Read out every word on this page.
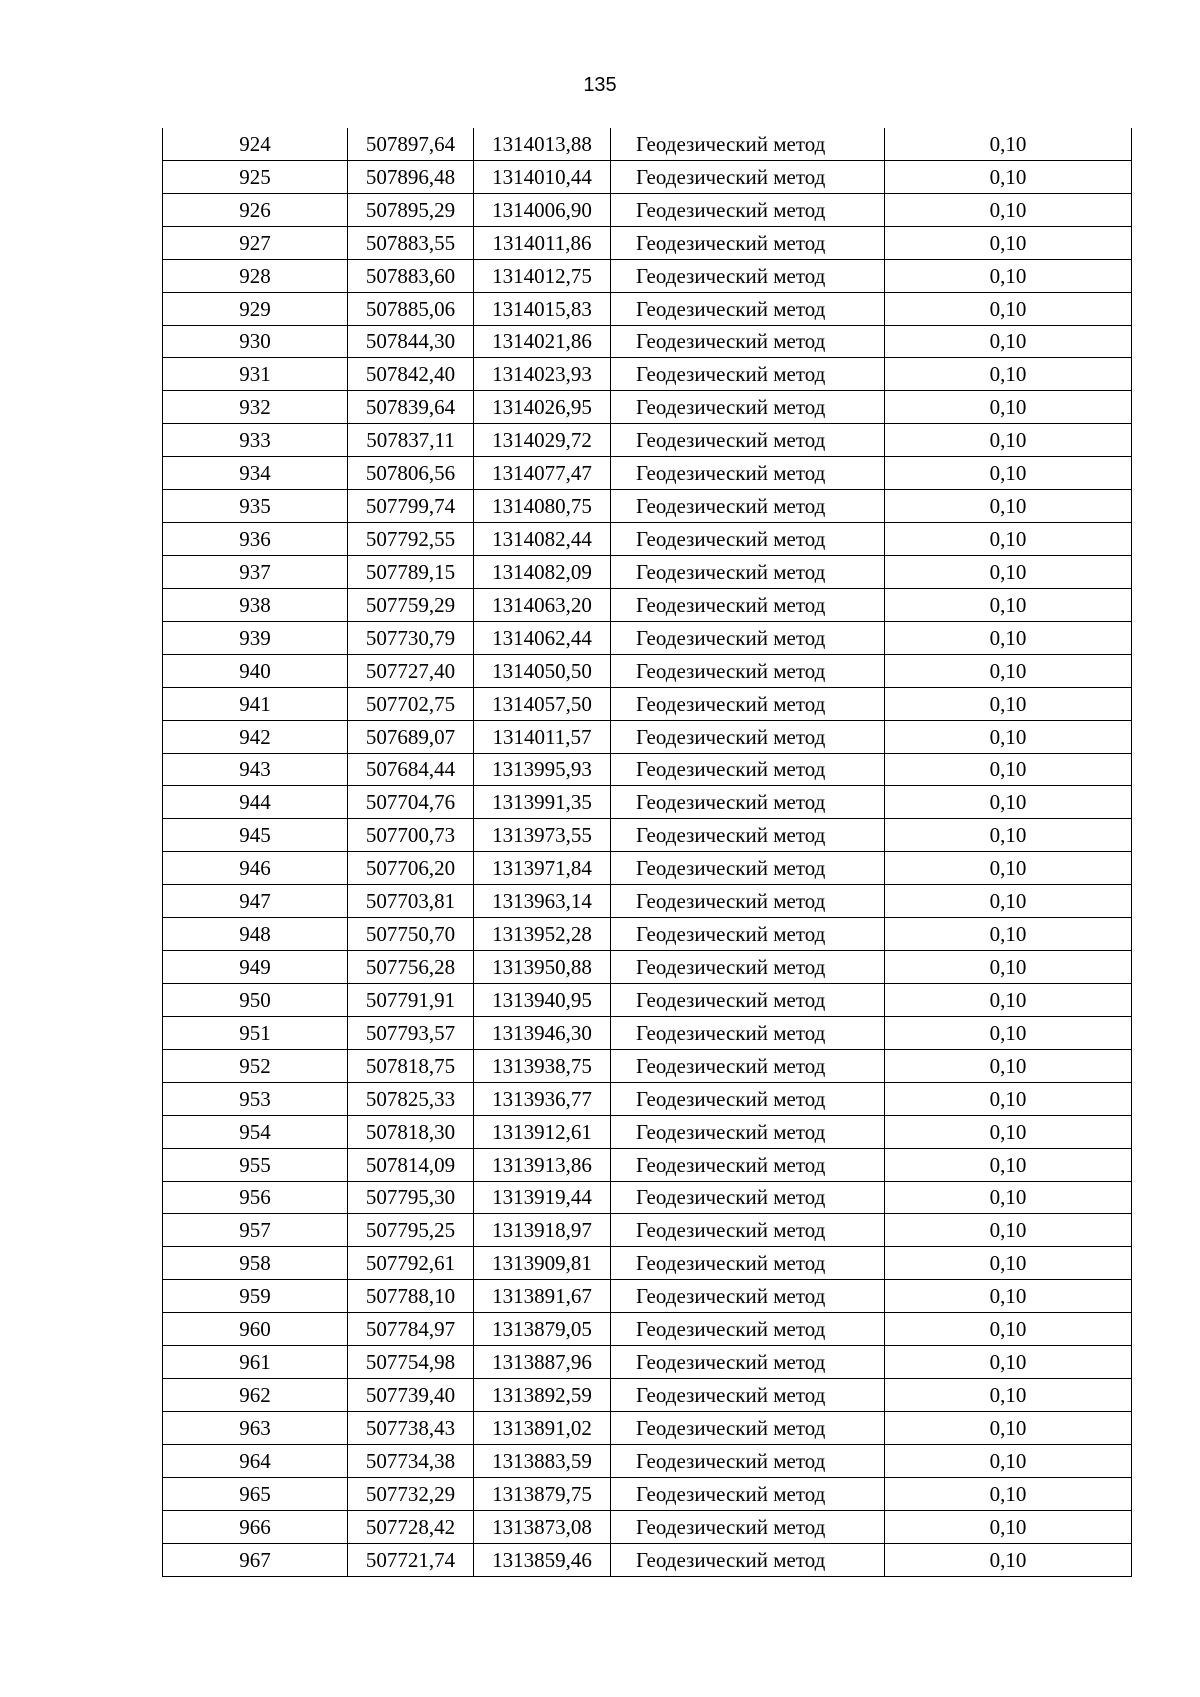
135
924	507897,64	1314013,88	Геодезический метод	0,10
925	507896,48	1314010,44	Геодезический метод	0,10
926	507895,29	1314006,90	Геодезический метод	0,10
927	507883,55	1314011,86	Геодезический метод	0,10
928	507883,60	1314012,75	Геодезический метод	0,10
929	507885,06	1314015,83	Геодезический метод	0,10
930	507844,30	1314021,86	Геодезический метод	0,10
931	507842,40	1314023,93	Геодезический метод	0,10
932	507839,64	1314026,95	Геодезический метод	0,10
933	507837,11	1314029,72	Геодезический метод	0,10
934	507806,56	1314077,47	Геодезический метод	0,10
935	507799,74	1314080,75	Геодезический метод	0,10
936	507792,55	1314082,44	Геодезический метод	0,10
937	507789,15	1314082,09	Геодезический метод	0,10
938	507759,29	1314063,20	Геодезический метод	0,10
939	507730,79	1314062,44	Геодезический метод	0,10
940	507727,40	1314050,50	Геодезический метод	0,10
941	507702,75	1314057,50	Геодезический метод	0,10
942	507689,07	1314011,57	Геодезический метод	0,10
943	507684,44	1313995,93	Геодезический метод	0,10
944	507704,76	1313991,35	Геодезический метод	0,10
945	507700,73	1313973,55	Геодезический метод	0,10
946	507706,20	1313971,84	Геодезический метод	0,10
947	507703,81	1313963,14	Геодезический метод	0,10
948	507750,70	1313952,28	Геодезический метод	0,10
949	507756,28	1313950,88	Геодезический метод	0,10
950	507791,91	1313940,95	Геодезический метод	0,10
951	507793,57	1313946,30	Геодезический метод	0,10
952	507818,75	1313938,75	Геодезический метод	0,10
953	507825,33	1313936,77	Геодезический метод	0,10
954	507818,30	1313912,61	Геодезический метод	0,10
955	507814,09	1313913,86	Геодезический метод	0,10
956	507795,30	1313919,44	Геодезический метод	0,10
957	507795,25	1313918,97	Геодезический метод	0,10
958	507792,61	1313909,81	Геодезический метод	0,10
959	507788,10	1313891,67	Геодезический метод	0,10
960	507784,97	1313879,05	Геодезический метод	0,10
961	507754,98	1313887,96	Геодезический метод	0,10
962	507739,40	1313892,59	Геодезический метод	0,10
963	507738,43	1313891,02	Геодезический метод	0,10
964	507734,38	1313883,59	Геодезический метод	0,10
965	507732,29	1313879,75	Геодезический метод	0,10
966	507728,42	1313873,08	Геодезический метод	0,10
967	507721,74	1313859,46	Геодезический метод	0,10
